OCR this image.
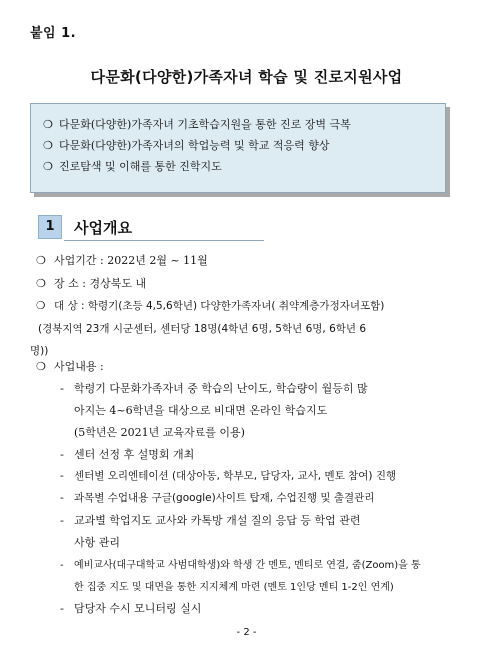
붙임 1.
다문화(다양한)가족자녀 학습 및 진로지원사업
❍ 다문화(다양한)가족자녀 기초학습지원을 통한 진로 장벽 극복
❍ 다문화(다양한)가족자녀의 학업능력 및 학교 적응력 향상
❍ 진로탐색 및 이해를 통한 진학지도
1	사업개요
❍ 사업기간 : 2022년 2월 ~ 11월
❍ 장 소 : 경상북도 내
❍ 대 상 : 학령기(초등 4,5,6학년) 다양한가족자녀( 취약계층가정자녀포함)
(경북지역 23개 시군센터, 센터당 18명(4학년 6명, 5학년 6명, 6학년 6
명))
❍ 사업내용 :
- 학령기 다문화가족자녀 중 학습의 난이도, 학습량이 월등히 많
아지는 4~6학년을 대상으로 비대면 온라인 학습지도
(5학년은 2021년 교육자료를 이용)
- 센터 선정 후 설명회 개최
- 센터별 오리엔테이션 (대상아동, 학부모, 담당자, 교사, 멘토 참여) 진행
- 과목별 수업내용 구글(google)사이트 탑재, 수업진행 및 출결관리
- 교과별 학업지도 교사와 카톡방 개설 질의 응답 등 학업 관련
사항 관리
- 예비교사(대구대학교 사범대학생)와 학생 간 멘토, 멘티로 연결, 줌(Zoom)을 통
한 집중 지도 및 대면을 통한 지지체계 마련 (멘토 1인당 멘티 1-2인 연계)
- 담당자 수시 모니터링 실시
- 2 -
